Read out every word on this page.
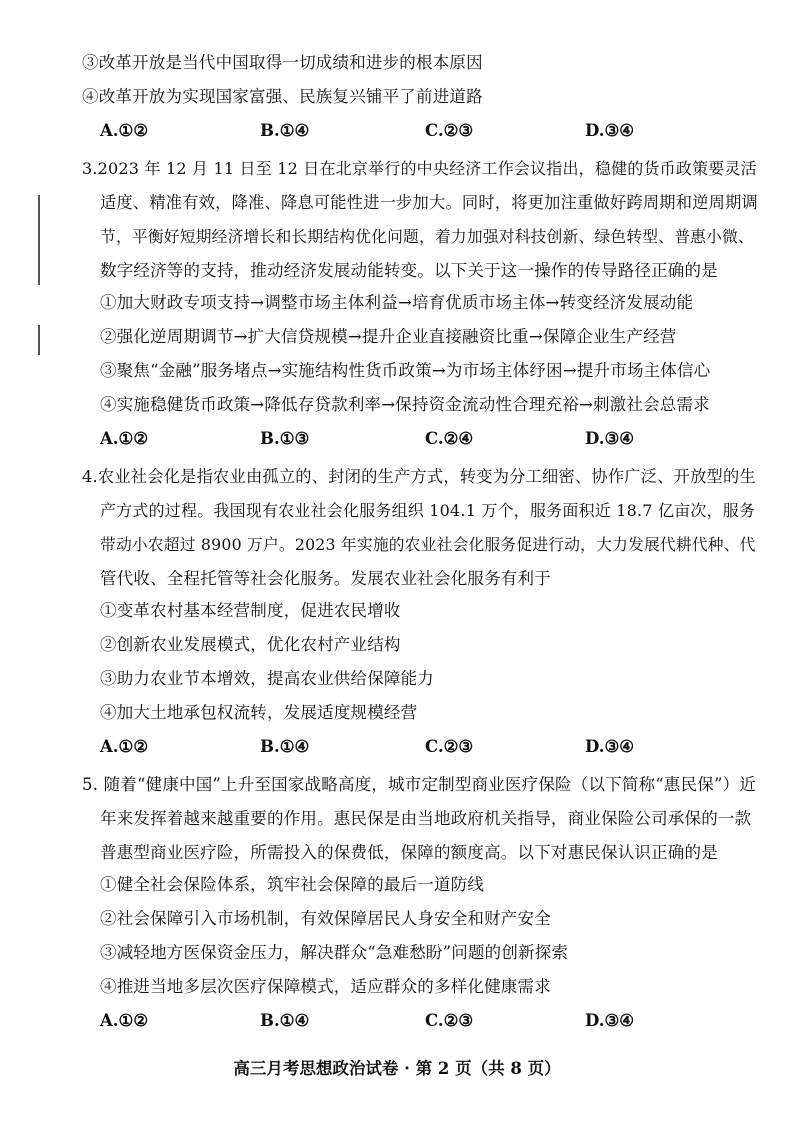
③改革开放是当代中国取得一切成绩和进步的根本原因
④改革开放为实现国家富强、民族复兴铺平了前进道路
A.①②	B.①④	C.②③	D.③④
3.2023 年 12 月 11 日至 12 日在北京举行的中央经济工作会议指出，稳健的货币政策要灵活
适度、精准有效，降准、降息可能性进一步加大。同时，将更加注重做好跨周期和逆周期调
节，平衡好短期经济增长和长期结构优化问题，着力加强对科技创新、绿色转型、普惠小微、
数字经济等的支持，推动经济发展动能转变。以下关于这一操作的传导路径正确的是
①加大财政专项支持→调整市场主体利益→培育优质市场主体→转变经济发展动能
②强化逆周期调节→扩大信贷规模→提升企业直接融资比重→保障企业生产经营
③聚焦“金融”服务堵点→实施结构性货币政策→为市场主体纾困→提升市场主体信心
④实施稳健货币政策→降低存贷款利率→保持资金流动性合理充裕→刺激社会总需求
A.①②	B.①③	C.②④	D.③④
4.农业社会化是指农业由孤立的、封闭的生产方式，转变为分工细密、协作广泛、开放型的生
产方式的过程。我国现有农业社会化服务组织 104.1 万个，服务面积近 18.7 亿亩次，服务
带动小农超过 8900 万户。2023 年实施的农业社会化服务促进行动，大力发展代耕代种、代
管代收、全程托管等社会化服务。发展农业社会化服务有利于
①变革农村基本经营制度，促进农民增收
②创新农业发展模式，优化农村产业结构
③助力农业节本增效，提高农业供给保障能力
④加大土地承包权流转，发展适度规模经营
A.①②	B.①④	C.②③	D.③④
5. 随着“健康中国”上升至国家战略高度，城市定制型商业医疗保险（以下简称“惠民保”）近
年来发挥着越来越重要的作用。惠民保是由当地政府机关指导，商业保险公司承保的一款
普惠型商业医疗险，所需投入的保费低，保障的额度高。以下对惠民保认识正确的是
①健全社会保险体系，筑牢社会保障的最后一道防线
②社会保障引入市场机制，有效保障居民人身安全和财产安全
③减轻地方医保资金压力，解决群众“急难愁盼”问题的创新探索
④推进当地多层次医疗保障模式，适应群众的多样化健康需求
A.①②	B.①④	C.②③	D.③④
高三月考思想政治试卷 · 第 2 页（共 8 页）
